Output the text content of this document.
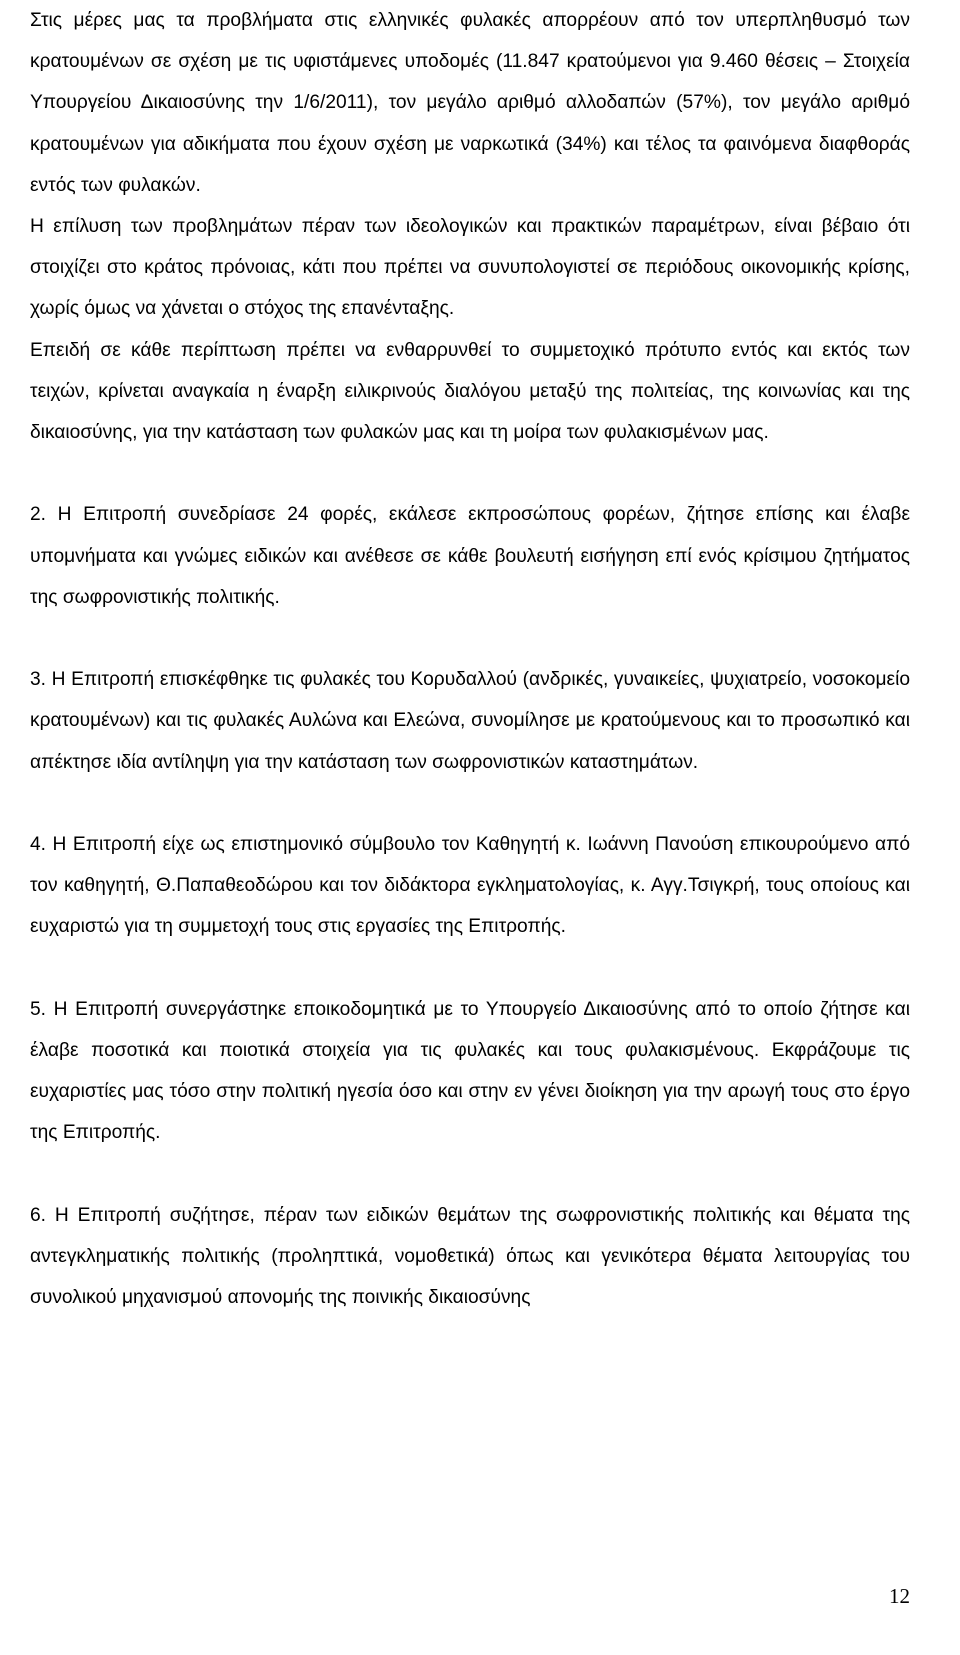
Στις μέρες μας τα προβλήματα στις ελληνικές φυλακές απορρέουν από τον υπερπληθυσμό των κρατουμένων σε σχέση με τις υφιστάμενες υποδομές (11.847 κρατούμενοι για 9.460 θέσεις – Στοιχεία Υπουργείου Δικαιοσύνης την 1/6/2011), τον μεγάλο αριθμό αλλοδαπών (57%), τον μεγάλο αριθμό κρατουμένων για αδικήματα που έχουν σχέση με ναρκωτικά (34%) και τέλος τα φαινόμενα διαφθοράς εντός των φυλακών.

Η επίλυση των προβλημάτων πέραν των ιδεολογικών και πρακτικών παραμέτρων, είναι βέβαιο ότι στοιχίζει στο κράτος πρόνοιας, κάτι που πρέπει να συνυπολογιστεί σε περιόδους οικονομικής κρίσης, χωρίς όμως να χάνεται ο στόχος της επανένταξης.

Επειδή σε κάθε περίπτωση πρέπει να ενθαρρυνθεί το συμμετοχικό πρότυπο εντός και εκτός των τειχών, κρίνεται αναγκαία η έναρξη ειλικρινούς διαλόγου μεταξύ της πολιτείας, της κοινωνίας και της δικαιοσύνης, για την κατάσταση των φυλακών μας και τη μοίρα των φυλακισμένων μας.

2. Η Επιτροπή συνεδρίασε 24 φορές, εκάλεσε εκπροσώπους φορέων, ζήτησε επίσης και έλαβε υπομνήματα και γνώμες ειδικών και ανέθεσε σε κάθε βουλευτή εισήγηση επί ενός κρίσιμου ζητήματος της σωφρονιστικής πολιτικής.

3. Η Επιτροπή επισκέφθηκε τις φυλακές του Κορυδαλλού (ανδρικές, γυναικείες, ψυχιατρείο, νοσοκομείο κρατουμένων) και τις φυλακές Αυλώνα και Ελεώνα, συνομίλησε με κρατούμενους και το προσωπικό και απέκτησε ιδία αντίληψη για την κατάσταση των σωφρονιστικών καταστημάτων.

4. Η Επιτροπή είχε ως επιστημονικό σύμβουλο τον Καθηγητή κ. Ιωάννη Πανούση επικουρούμενο από τον καθηγητή, Θ.Παπαθεοδώρου και τον διδάκτορα εγκληματολογίας, κ. Αγγ.Τσιγκρή, τους οποίους και ευχαριστώ για τη συμμετοχή τους στις εργασίες της Επιτροπής.

5. Η Επιτροπή συνεργάστηκε εποικοδομητικά με το Υπουργείο Δικαιοσύνης από το οποίο ζήτησε και έλαβε ποσοτικά και ποιοτικά στοιχεία για τις φυλακές και τους φυλακισμένους. Εκφράζουμε τις ευχαριστίες μας τόσο στην πολιτική ηγεσία όσο και στην εν γένει διοίκηση για την αρωγή τους στο έργο της Επιτροπής.

6. Η Επιτροπή συζήτησε, πέραν των ειδικών θεμάτων της σωφρονιστικής πολιτικής και θέματα της αντεγκληματικής πολιτικής (προληπτικά, νομοθετικά) όπως και γενικότερα θέματα λειτουργίας του συνολικού μηχανισμού απονομής της ποινικής δικαιοσύνης

12
